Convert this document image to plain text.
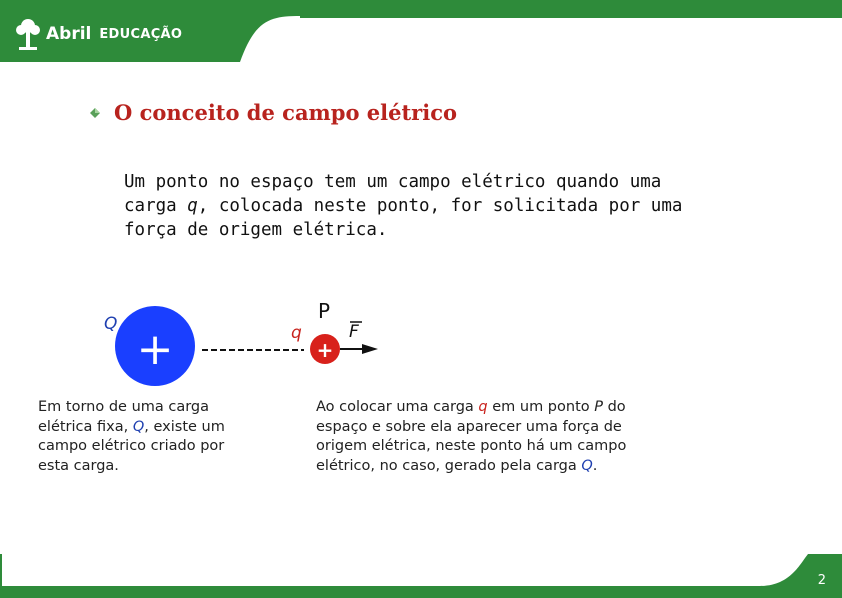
Abril EDUCAÇÃO
O conceito de campo elétrico
Um ponto no espaço tem um campo elétrico quando uma carga q, colocada neste ponto, for solicitada por uma força de origem elétrica.
Q +	q
P
+
F
Em torno de uma carga elétrica fixa, Q, existe um campo elétrico criado por esta carga.
Ao colocar uma carga q em um ponto P do espaço e sobre ela aparecer uma força de origem elétrica, neste ponto há um campo elétrico, no caso, gerado pela carga Q.
2
